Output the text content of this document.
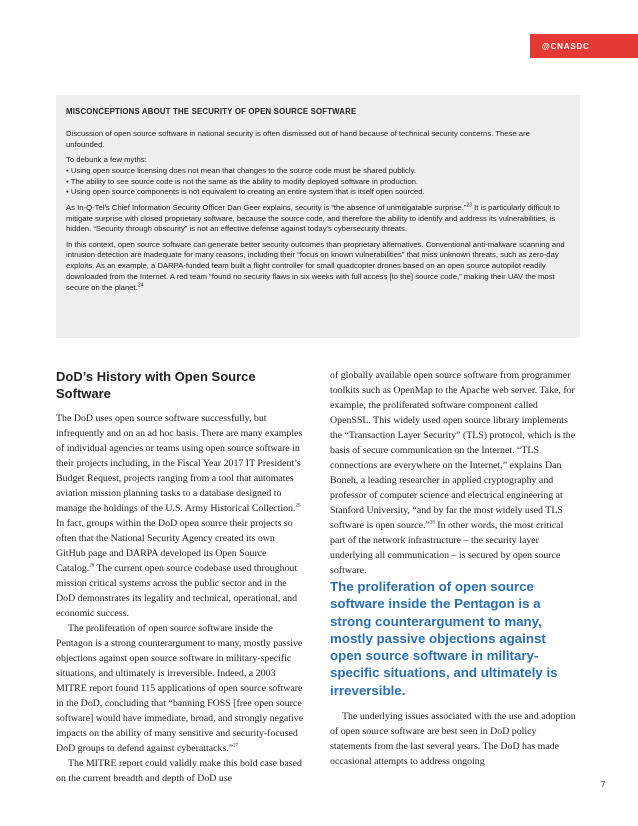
@CNASDC
MISCONCEPTIONS ABOUT THE SECURITY OF OPEN SOURCE SOFTWARE

Discussion of open source software in national security is often dismissed out of hand because of technical security concerns. These are unfounded.

To debunk a few myths:

• Using open source licensing does not mean that changes to the source code must be shared publicly.
• The ability to see source code is not the same as the ability to modify deployed software in production.
• Using open source components is not equivalent to creating an entire system that is itself open sourced.

As In-Q-Tel's Chief Information Security Officer Dan Geer explains, security is “the absence of unmitigatable surprise.”$^{23}$ It is particularly difficult to mitigate surprise with closed proprietary software, because the source code, and therefore the ability to identify and address its vulnerabilities, is hidden. “Security through obscurity” is not an effective defense against today's cybersecurity threats.

In this context, open source software can generate better security outcomes than proprietary alternatives. Conventional anti-malware scanning and intrusion detection are inadequate for many reasons, including their “focus on known vulnerabilities” that miss unknown threats, such as zero-day exploits. As an example, a DARPA-funded team built a flight controller for small quadcopter drones based on an open source autopilot readily downloaded from the Internet. A red team “found no security flaws in six weeks with full access [to the] source code,” making their UAV the most secure on the planet.$^{24}$

DoD’s History with Open Source Software

The DoD uses open source software successfully, but infrequently and on an ad hoc basis. There are many examples of individual agencies or teams using open source software in their projects including, in the Fiscal Year 2017 IT President’s Budget Request, projects ranging from a tool that automates aviation mission planning tasks to a database designed to manage the holdings of the U.S. Army Historical Collection.$^{25}$ In fact, groups within the DoD open source their projects so often that the National Security Agency created its own GitHub page and DARPA developed its Open Source Catalog.$^{26}$ The current open source codebase used throughout mission critical systems across the public sector and in the DoD demonstrates its legality and technical, operational, and economic success.

The proliferation of open source software inside the Pentagon is a strong counterargument to many, mostly passive objections against open source software in military-specific situations, and ultimately is irreversible. Indeed, a 2003 MITRE report found 115 applications of open source software in the DoD, concluding that “banning FOSS [free open source software] would have immediate, broad, and strongly negative impacts on the ability of many sensitive and security-focused DoD groups to defend against cyberattacks.”$^{27}$

The MITRE report could validly make this bold case based on the current breadth and depth of DoD use

of globally available open source software from programmer toolkits such as OpenMap to the Apache web server. Take, for example, the proliferated software component called OpenSSL. This widely used open source library implements the “Transaction Layer Security” (TLS) protocol, which is the basis of secure communication on the Internet. “TLS connections are everywhere on the Internet,” explains Dan Boneh, a leading researcher in applied cryptography and professor of computer science and electrical engineering at Stanford University, “and by far the most widely used TLS software is open source.”$^{28}$ In other words, the most critical part of the network infrastructure – the security layer underlying all communication – is secured by open source software.

The proliferation of open source software inside the Pentagon is a strong counterargument to many, mostly passive objections against open source software in military-specific situations, and ultimately is irreversible.

The underlying issues associated with the use and adoption of open source software are best seen in DoD policy statements from the last several years. The DoD has made occasional attempts to address ongoing

7
